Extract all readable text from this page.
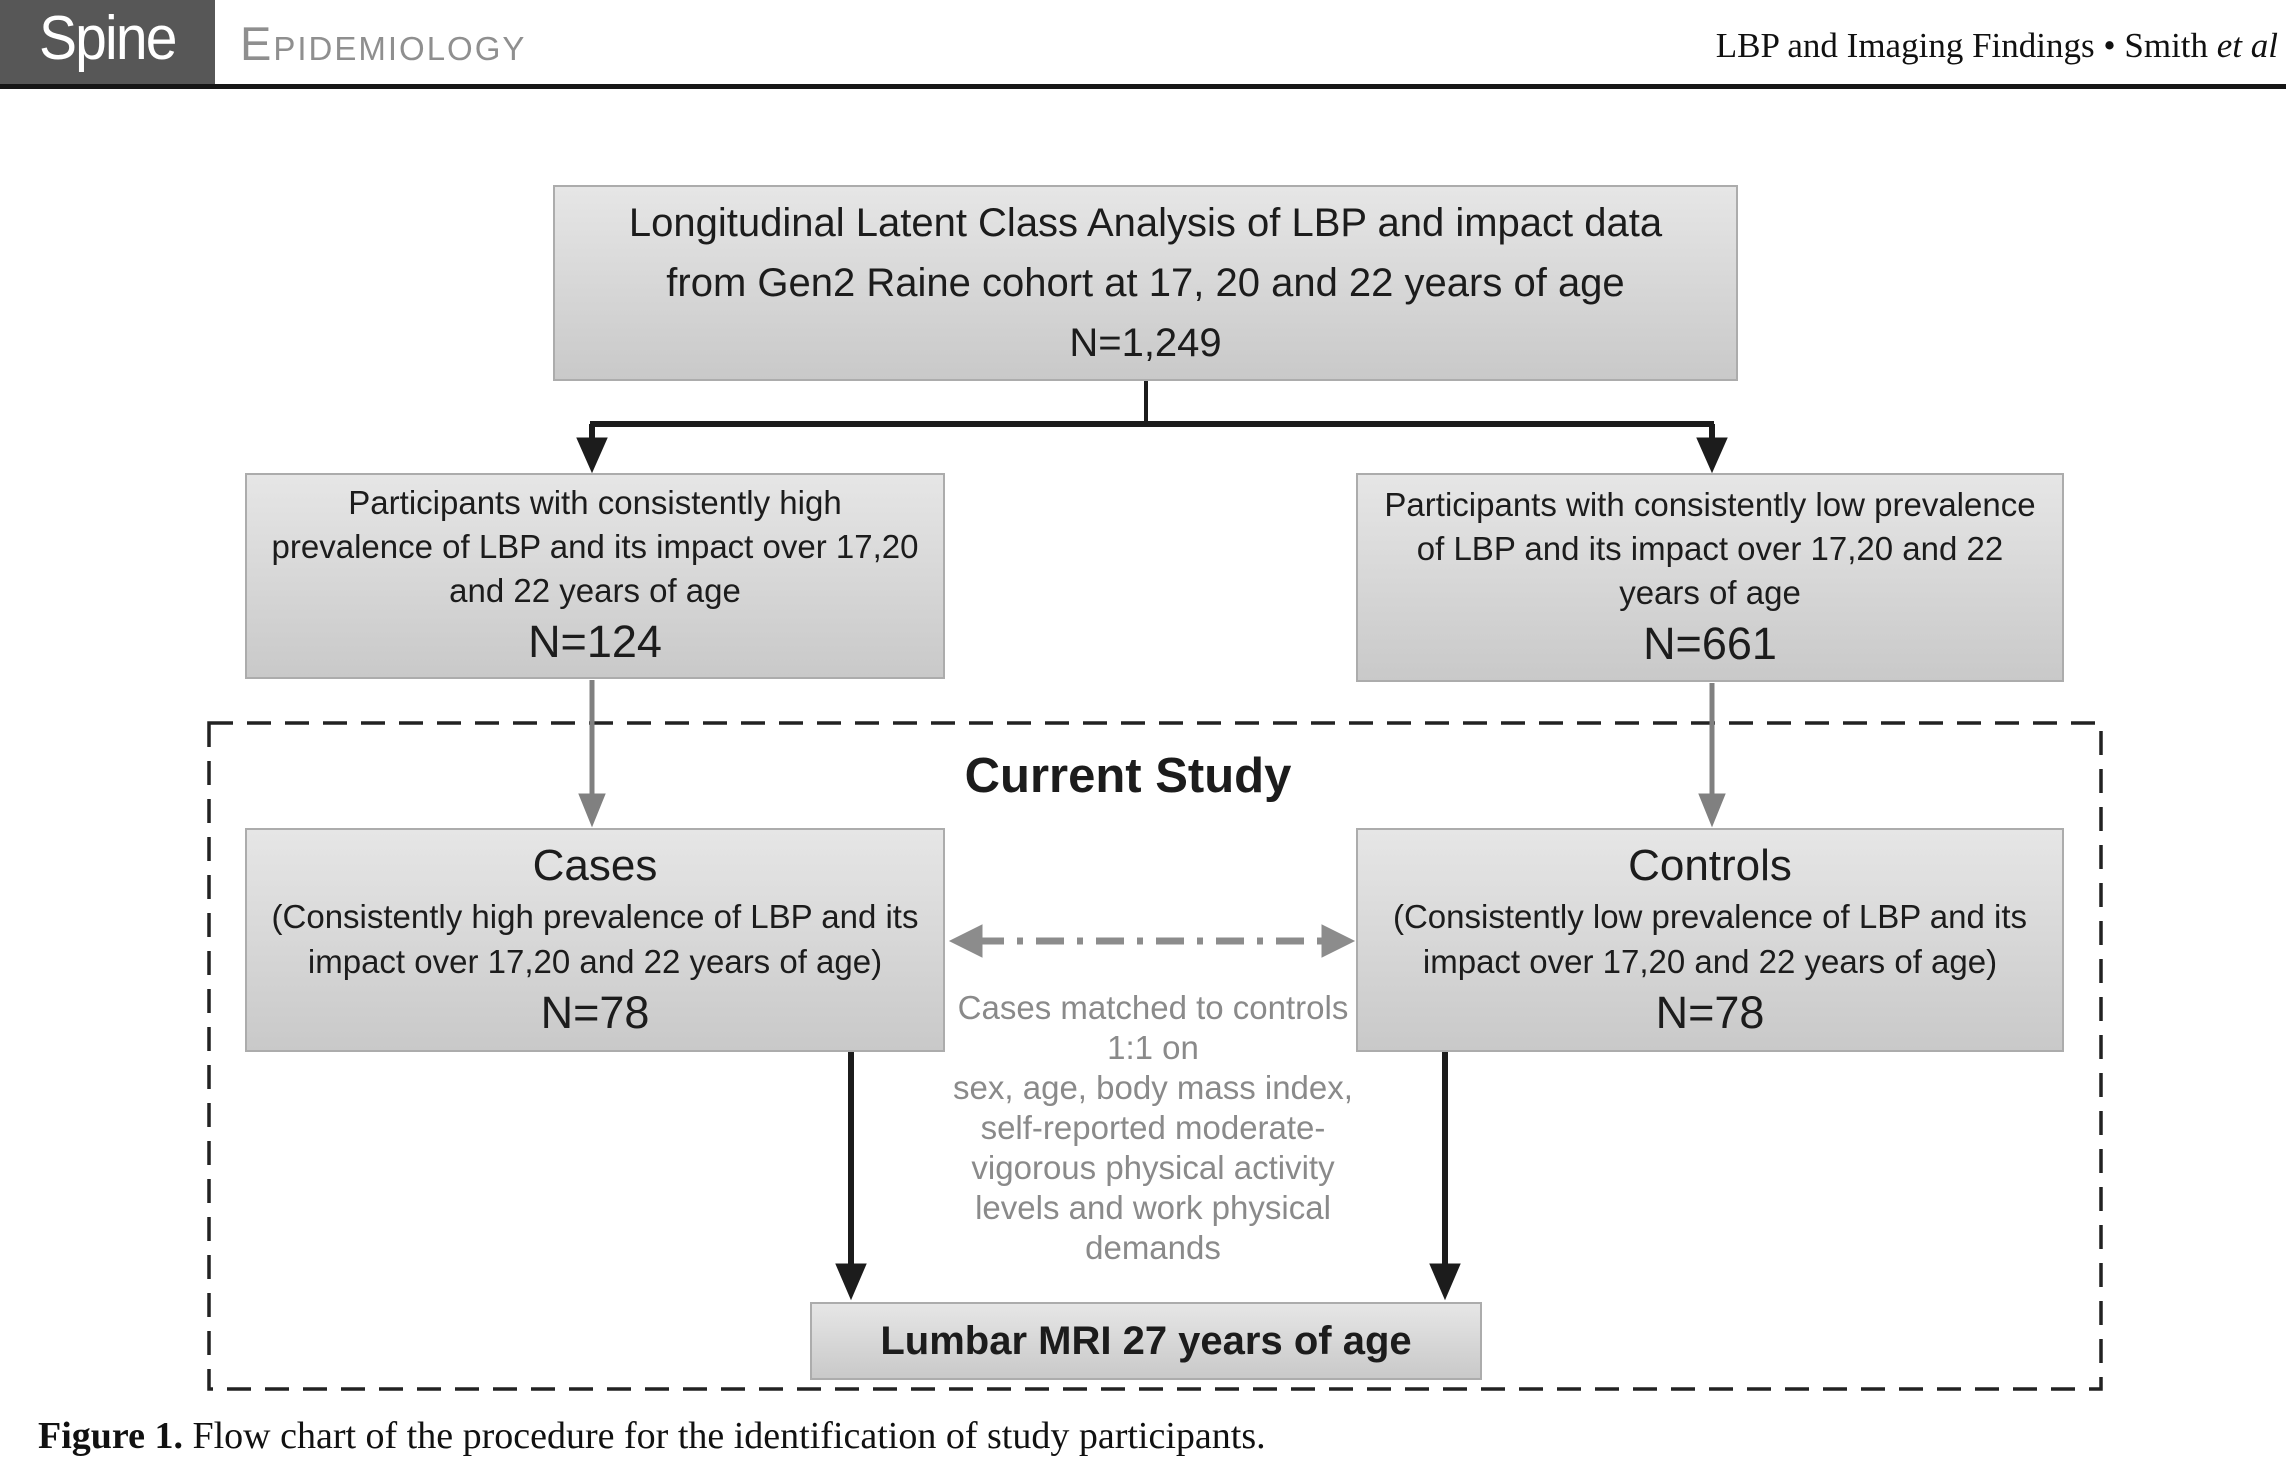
Spine Epidemiology	LBP and Imaging Findings • Smith et al
Longitudinal Latent Class Analysis of LBP and impact data
from Gen2 Raine cohort at 17, 20 and 22 years of age
N=1,249
Participants with consistently high
prevalence of LBP and its impact over 17,20
and 22 years of age
N=124
Participants with consistently low prevalence
of LBP and its impact over 17,20 and 22
years of age
N=661
Current Study
Cases
(Consistently high prevalence of LBP and its
impact over 17,20 and 22 years of age)
N=78
Controls
(Consistently low prevalence of LBP and its
impact over 17,20 and 22 years of age)
N=78
Cases matched to controls
1:1 on
sex, age, body mass index,
self-reported moderate-
vigorous physical activity
levels and work physical
demands
Lumbar MRI 27 years of age
Figure 1. Flow chart of the procedure for the identification of study participants.
